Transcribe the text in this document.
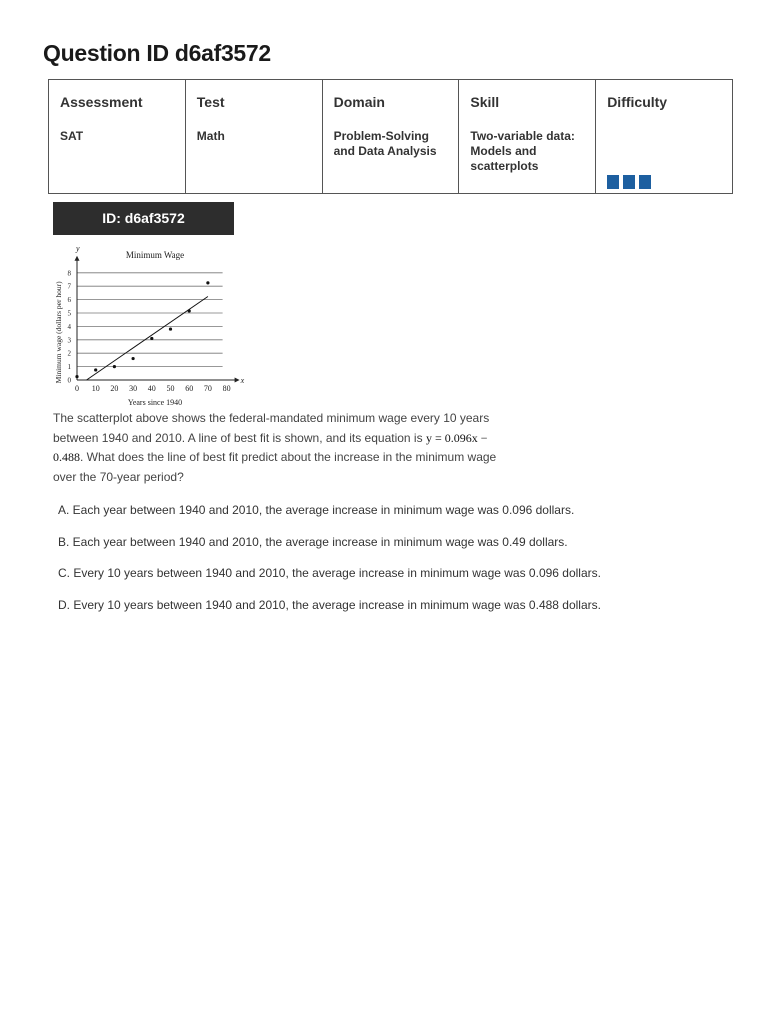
Question ID d6af3572
Assessment
SAT

Test
Math

Domain
Problem-Solving and Data Analysis

Skill
Two-variable data: Models and scatterplots

Difficulty
ID: d6af3572
x
y
0 10 20 30 40 50 60 70 80
0
1
2
3
4
5
6
7
8
Minimum Wage
Years since 1940
Minimum wage (dollars per hour)

The scatterplot above shows the federal-mandated minimum wage every 10 years between 1940 and 2010. A line of best fit is shown, and its equation is y = 0.096x − 0.488. What does the line of best fit predict about the increase in the minimum wage over the 70-year period?

A. Each year between 1940 and 2010, the average increase in minimum wage was 0.096 dollars.
B. Each year between 1940 and 2010, the average increase in minimum wage was 0.49 dollars.
C. Every 10 years between 1940 and 2010, the average increase in minimum wage was 0.096 dollars.
D. Every 10 years between 1940 and 2010, the average increase in minimum wage was 0.488 dollars.
